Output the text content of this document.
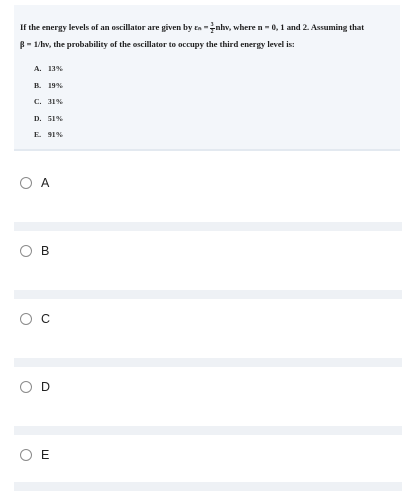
If the energy levels of an oscillator are given by $\varepsilon_n = \frac{3}{2} nh\nu$, where n = 0, 1 and 2. Assuming that
β = 1/hν, the probability of the oscillator to occupy the third energy level is:
A. 13%
B. 19%
C. 31%
D. 51%
E. 91%
A
B
C
D
E
